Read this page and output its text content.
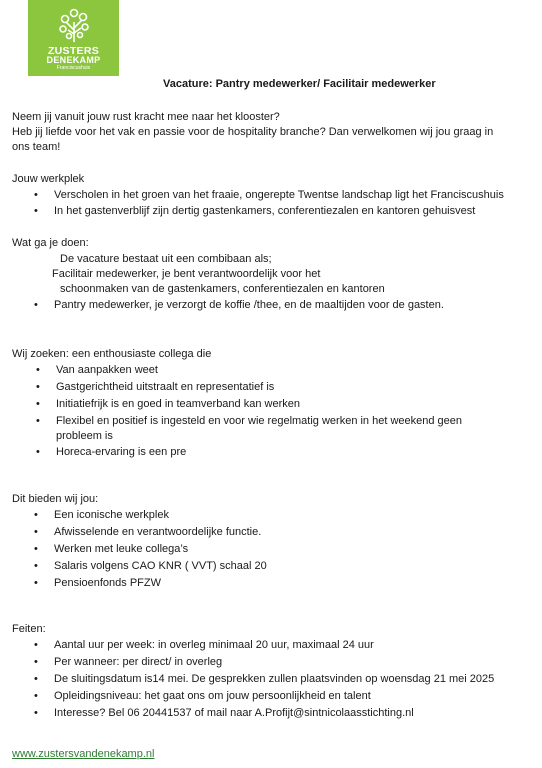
ZUSTERS
DENEKAMP
Franciscushuis
Vacature: Pantry medewerker/ Facilitair medewerker
Neem jij vanuit jouw rust kracht mee naar het klooster?
Heb jij liefde voor het vak en passie voor de hospitality branche? Dan verwelkomen wij jou graag in
ons team!
Jouw werkplek
• Verscholen in het groen van het fraaie, ongerepte Twentse landschap ligt het Franciscushuis
• In het gastenverblijf zijn dertig gastenkamers, conferentiezalen en kantoren gehuisvest
Wat ga je doen:
De vacature bestaat uit een combibaan als;
Facilitair medewerker, je bent verantwoordelijk voor het
schoonmaken van de gastenkamers, conferentiezalen en kantoren
• Pantry medewerker, je verzorgt de koffie /thee, en de maaltijden voor de gasten.
Wij zoeken: een enthousiaste collega die
• Van aanpakken weet
• Gastgerichtheid uitstraalt en representatief is
• Initiatiefrijk is en goed in teamverband kan werken
• Flexibel en positief is ingesteld en voor wie regelmatig werken in het weekend geen
probleem is
• Horeca-ervaring is een pre
Dit bieden wij jou:
• Een iconische werkplek
• Afwisselende en verantwoordelijke functie.
• Werken met leuke collega’s
• Salaris volgens CAO KNR ( VVT) schaal 20
• Pensioenfonds PFZW
Feiten:
• Aantal uur per week: in overleg minimaal 20 uur, maximaal 24 uur
• Per wanneer: per direct/ in overleg
• De sluitingsdatum is14 mei. De gesprekken zullen plaatsvinden op woensdag 21 mei 2025
• Opleidingsniveau: het gaat ons om jouw persoonlijkheid en talent
• Interesse? Bel 06 20441537 of mail naar A.Profijt@sintnicolaasstichting.nl
www.zustersvandenekamp.nl
